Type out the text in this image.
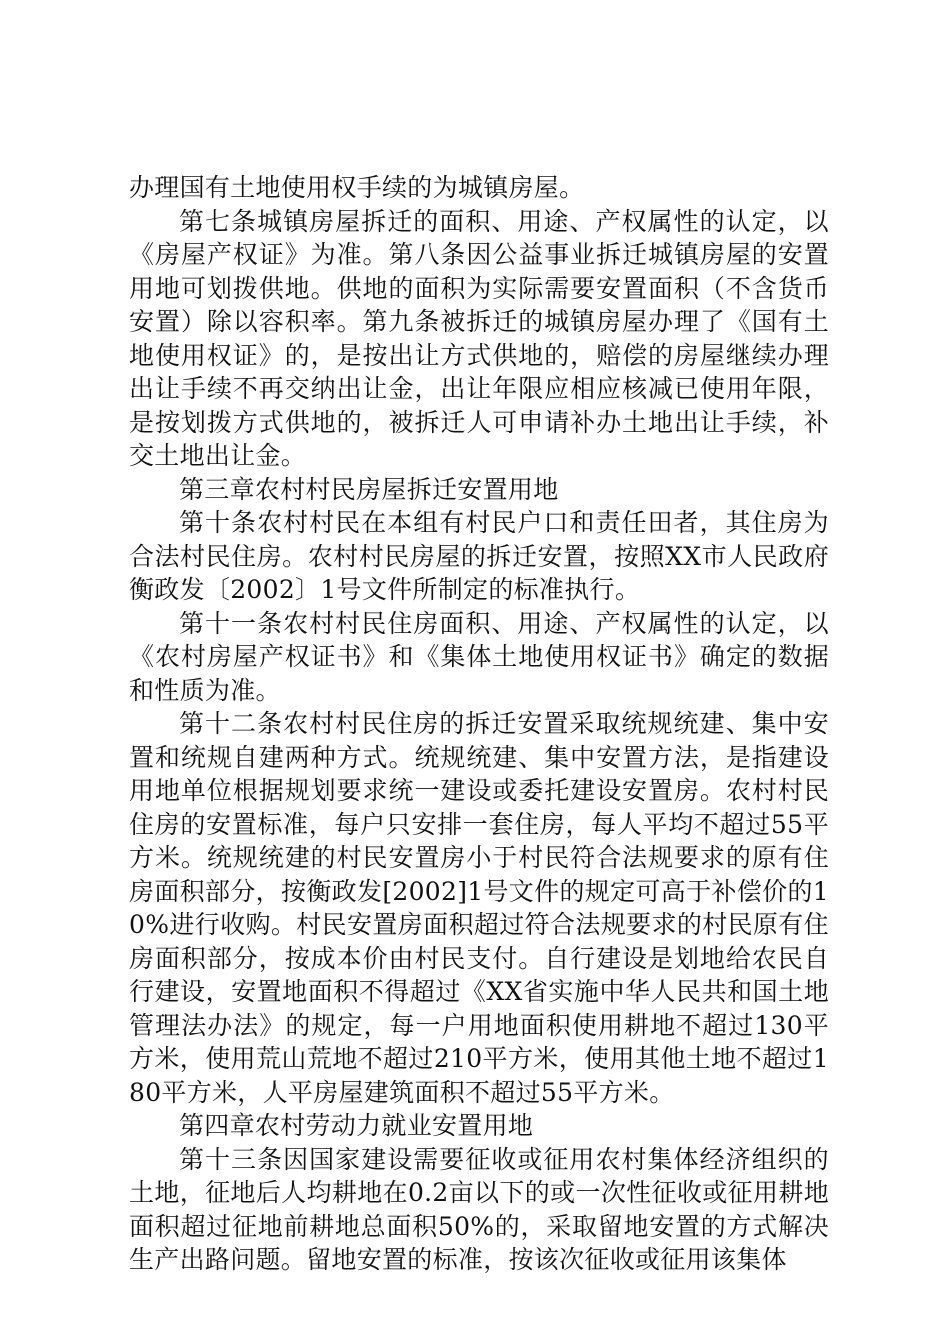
办理国有土地使用权手续的为城镇房屋。

第七条城镇房屋拆迁的面积、用途、产权属性的认定，以《房屋产权证》为准。第八条因公益事业拆迁城镇房屋的安置用地可划拨供地。供地的面积为实际需要安置面积（不含货币安置）除以容积率。第九条被拆迁的城镇房屋办理了《国有土地使用权证》的，是按出让方式供地的，赔偿的房屋继续办理出让手续不再交纳出让金，出让年限应相应核减已使用年限，是按划拨方式供地的，被拆迁人可申请补办土地出让手续，补交土地出让金。

第三章农村村民房屋拆迁安置用地

第十条农村村民在本组有村民户口和责任田者，其住房为合法村民住房。农村村民房屋的拆迁安置，按照XX市人民政府衡政发〔2002〕1号文件所制定的标准执行。

第十一条农村村民住房面积、用途、产权属性的认定，以《农村房屋产权证书》和《集体土地使用权证书》确定的数据和性质为准。

第十二条农村村民住房的拆迁安置采取统规统建、集中安置和统规自建两种方式。统规统建、集中安置方法，是指建设用地单位根据规划要求统一建设或委托建设安置房。农村村民住房的安置标准，每户只安排一套住房，每人平均不超过55平方米。统规统建的村民安置房小于村民符合法规要求的原有住房面积部分，按衡政发[2002]1号文件的规定可高于补偿价的10%进行收购。村民安置房面积超过符合法规要求的村民原有住房面积部分，按成本价由村民支付。自行建设是划地给农民自行建设，安置地面积不得超过《XX省实施中华人民共和国土地管理法办法》的规定，每一户用地面积使用耕地不超过130平方米，使用荒山荒地不超过210平方米，使用其他土地不超过180平方米，人平房屋建筑面积不超过55平方米。

第四章农村劳动力就业安置用地

第十三条因国家建设需要征收或征用农村集体经济组织的土地，征地后人均耕地在0.2亩以下的或一次性征收或征用耕地面积超过征地前耕地总面积50%的，采取留地安置的方式解决生产出路问题。留地安置的标准，按该次征收或征用该集体
